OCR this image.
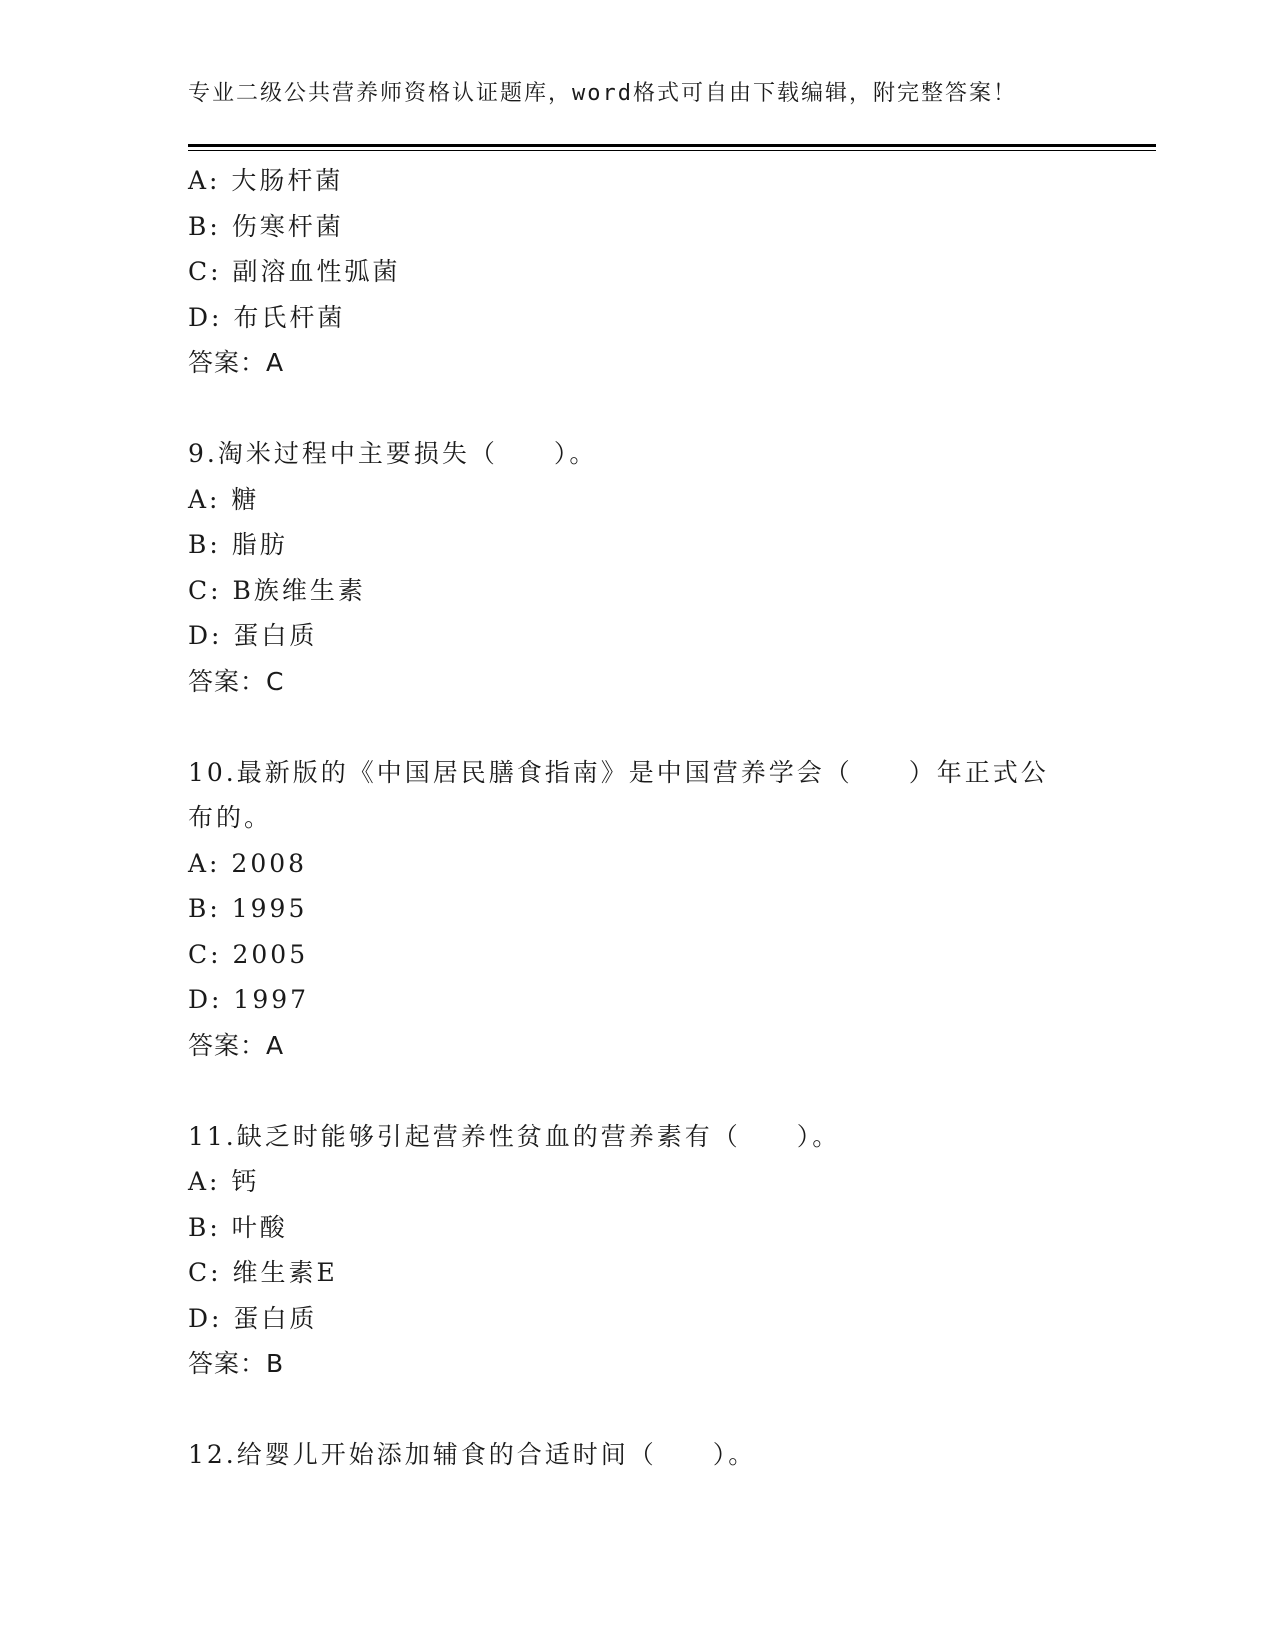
专业二级公共营养师资格认证题库，word格式可自由下载编辑，附完整答案！
A: 大肠杆菌
B: 伤寒杆菌
C: 副溶血性弧菌
D: 布氏杆菌
答案：A
9.淘米过程中主要损失（　　）。
A: 糖
B: 脂肪
C: B族维生素
D: 蛋白质
答案：C
10.最新版的《中国居民膳食指南》是中国营养学会（　　）年正式公
布的。
A: 2008
B: 1995
C: 2005
D: 1997
答案：A
11.缺乏时能够引起营养性贫血的营养素有（　　）。
A: 钙
B: 叶酸
C: 维生素E
D: 蛋白质
答案：B
12.给婴儿开始添加辅食的合适时间（　　）。
